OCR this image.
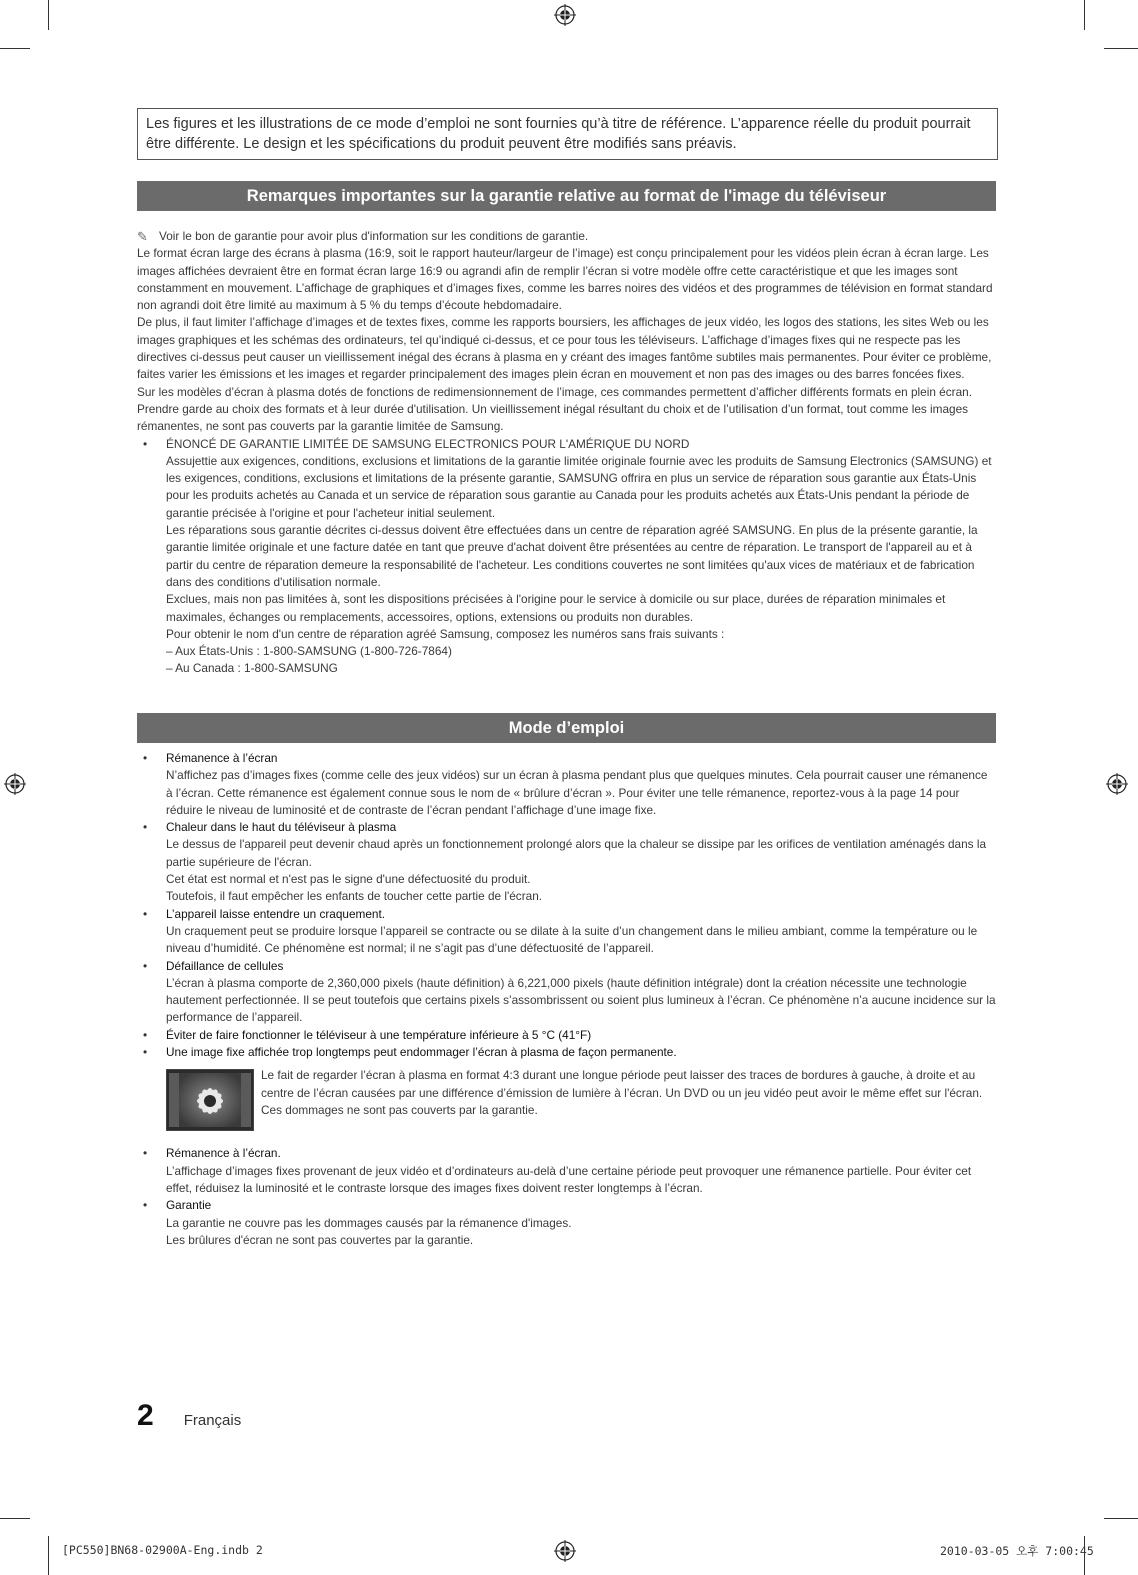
Les figures et les illustrations de ce mode d’emploi ne sont fournies qu’à titre de référence. L’apparence réelle du produit pourrait être différente. Le design et les spécifications du produit peuvent être modifiés sans préavis.
Remarques importantes sur la garantie relative au format de l'image du téléviseur
✎ Voir le bon de garantie pour avoir plus d'information sur les conditions de garantie.

Le format écran large des écrans à plasma (16:9, soit le rapport hauteur/largeur de l’image) est conçu principalement pour les vidéos plein écran à écran large. Les images affichées devraient être en format écran large 16:9 ou agrandi afin de remplir l’écran si votre modèle offre cette caractéristique et que les images sont constamment en mouvement. L’affichage de graphiques et d’images fixes, comme les barres noires des vidéos et des programmes de télévision en format standard non agrandi doit être limité au maximum à 5 % du temps d’écoute hebdomadaire.

De plus, il faut limiter l’affichage d’images et de textes fixes, comme les rapports boursiers, les affichages de jeux vidéo, les logos des stations, les sites Web ou les images graphiques et les schémas des ordinateurs, tel qu’indiqué ci-dessus, et ce pour tous les téléviseurs. L’affichage d’images fixes qui ne respecte pas les directives ci-dessus peut causer un vieillissement inégal des écrans à plasma en y créant des images fantôme subtiles mais permanentes. Pour éviter ce problème, faites varier les émissions et les images et regarder principalement des images plein écran en mouvement et non pas des images ou des barres foncées fixes.

Sur les modèles d’écran à plasma dotés de fonctions de redimensionnement de l’image, ces commandes permettent d’afficher différents formats en plein écran. Prendre garde au choix des formats et à leur durée d'utilisation. Un vieillissement inégal résultant du choix et de l’utilisation d’un format, tout comme les images rémanentes, ne sont pas couverts par la garantie limitée de Samsung.

• ÉNONCÉ DE GARANTIE LIMITÉE DE SAMSUNG ELECTRONICS POUR L'AMÉRIQUE DU NORD
Assujettie aux exigences, conditions, exclusions et limitations de la garantie limitée originale fournie avec les produits de Samsung Electronics (SAMSUNG) et les exigences, conditions, exclusions et limitations de la présente garantie, SAMSUNG offrira en plus un service de réparation sous garantie aux États-Unis pour les produits achetés au Canada et un service de réparation sous garantie au Canada pour les produits achetés aux États-Unis pendant la période de garantie précisée à l'origine et pour l'acheteur initial seulement.
Les réparations sous garantie décrites ci-dessus doivent être effectuées dans un centre de réparation agréé SAMSUNG. En plus de la présente garantie, la garantie limitée originale et une facture datée en tant que preuve d'achat doivent être présentées au centre de réparation. Le transport de l'appareil au et à partir du centre de réparation demeure la responsabilité de l'acheteur. Les conditions couvertes ne sont limitées qu'aux vices de matériaux et de fabrication dans des conditions d'utilisation normale.
Exclues, mais non pas limitées à, sont les dispositions précisées à l'origine pour le service à domicile ou sur place, durées de réparation minimales et maximales, échanges ou remplacements, accessoires, options, extensions ou produits non durables.
Pour obtenir le nom d'un centre de réparation agréé Samsung, composez les numéros sans frais suivants :
– Aux États-Unis : 1-800-SAMSUNG (1-800-726-7864)
– Au Canada : 1-800-SAMSUNG
Mode d’emploi
• Rémanence à l’écran
N’affichez pas d’images fixes (comme celle des jeux vidéos) sur un écran à plasma pendant plus que quelques minutes. Cela pourrait causer une rémanence à l’écran. Cette rémanence est également connue sous le nom de « brûlure d’écran ». Pour éviter une telle rémanence, reportez-vous à la page 14 pour réduire le niveau de luminosité et de contraste de l’écran pendant l’affichage d’une image fixe.
• Chaleur dans le haut du téléviseur à plasma
Le dessus de l'appareil peut devenir chaud après un fonctionnement prolongé alors que la chaleur se dissipe par les orifices de ventilation aménagés dans la partie supérieure de l'écran.
Cet état est normal et n'est pas le signe d'une défectuosité du produit.
Toutefois, il faut empêcher les enfants de toucher cette partie de l'écran.
• L’appareil laisse entendre un craquement.
Un craquement peut se produire lorsque l’appareil se contracte ou se dilate à la suite d’un changement dans le milieu ambiant, comme la température ou le niveau d’humidité. Ce phénomène est normal; il ne s’agit pas d’une défectuosité de l’appareil.
• Défaillance de cellules
L’écran à plasma comporte de 2,360,000 pixels (haute définition) à 6,221,000 pixels (haute définition intégrale) dont la création nécessite une technologie hautement perfectionnée. Il se peut toutefois que certains pixels s’assombrissent ou soient plus lumineux à l’écran. Ce phénomène n’a aucune incidence sur la performance de l’appareil.
• Éviter de faire fonctionner le téléviseur à une température inférieure à 5 °C (41°F)
• Une image fixe affichée trop longtemps peut endommager l’écran à plasma de façon permanente.
Le fait de regarder l’écran à plasma en format 4:3 durant une longue période peut laisser des traces de bordures à gauche, à droite et au centre de l’écran causées par une différence d’émission de lumière à l’écran. Un DVD ou un jeu vidéo peut avoir le même effet sur l'écran.
Ces dommages ne sont pas couverts par la garantie.
• Rémanence à l’écran.
L’affichage d’images fixes provenant de jeux vidéo et d’ordinateurs au-delà d’une certaine période peut provoquer une rémanence partielle. Pour éviter cet effet, réduisez la luminosité et le contraste lorsque des images fixes doivent rester longtemps à l’écran.
• Garantie
La garantie ne couvre pas les dommages causés par la rémanence d'images.
Les brûlures d'écran ne sont pas couvertes par la garantie.
2 Français
[PC550]BN68-02900A-Eng.indb 2	2010-03-05 오후 7:00:45
